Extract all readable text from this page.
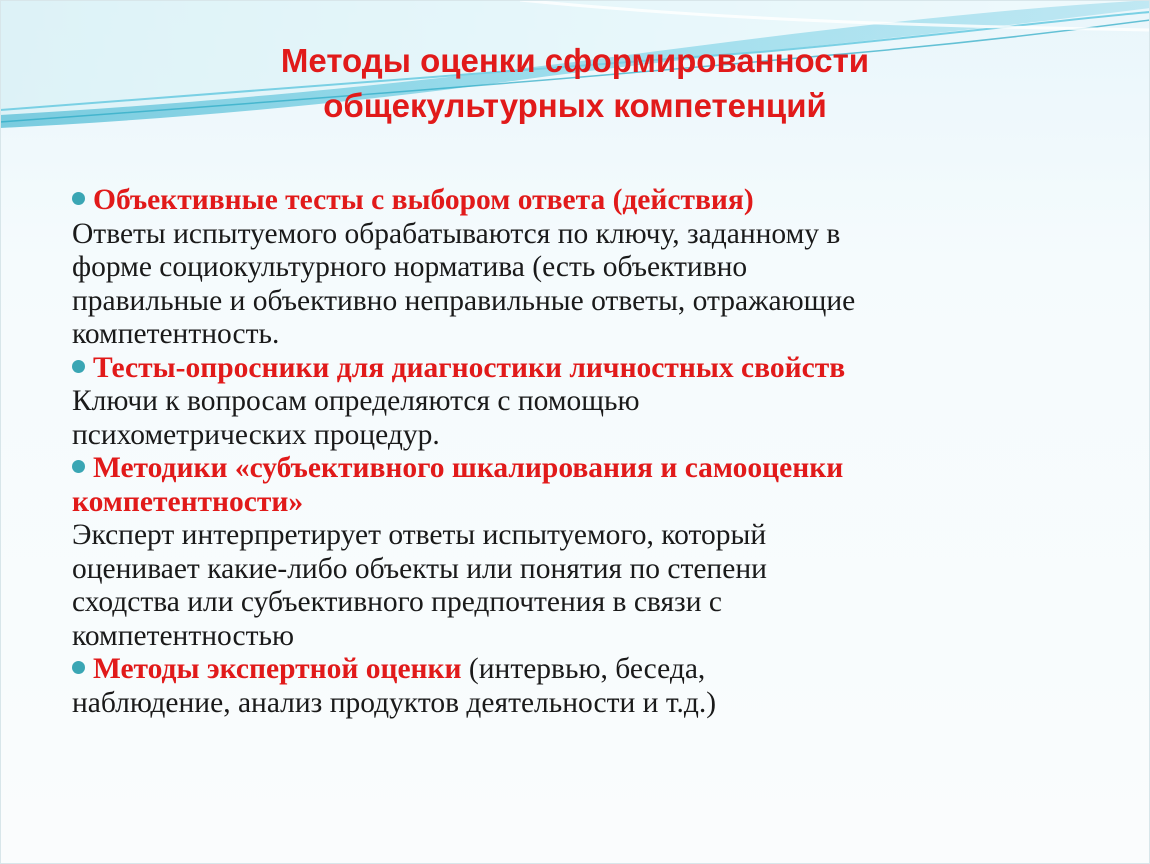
Методы оценки сформированности
общекультурных компетенций
Объективные тесты с выбором ответа (действия)
Ответы испытуемого обрабатываются по ключу, заданному в
форме социокультурного норматива (есть объективно
правильные и объективно неправильные ответы, отражающие
компетентность.
Тесты-опросники для диагностики личностных свойств
Ключи к вопросам определяются с помощью
психометрических процедур.
Методики «субъективного шкалирования и самооценки
компетентности»
Эксперт интерпретирует ответы испытуемого, который
оценивает какие-либо объекты или понятия по степени
сходства или субъективного предпочтения в связи с
компетентностью
Методы экспертной оценки (интервью, беседа,
наблюдение, анализ продуктов деятельности и т.д.)
